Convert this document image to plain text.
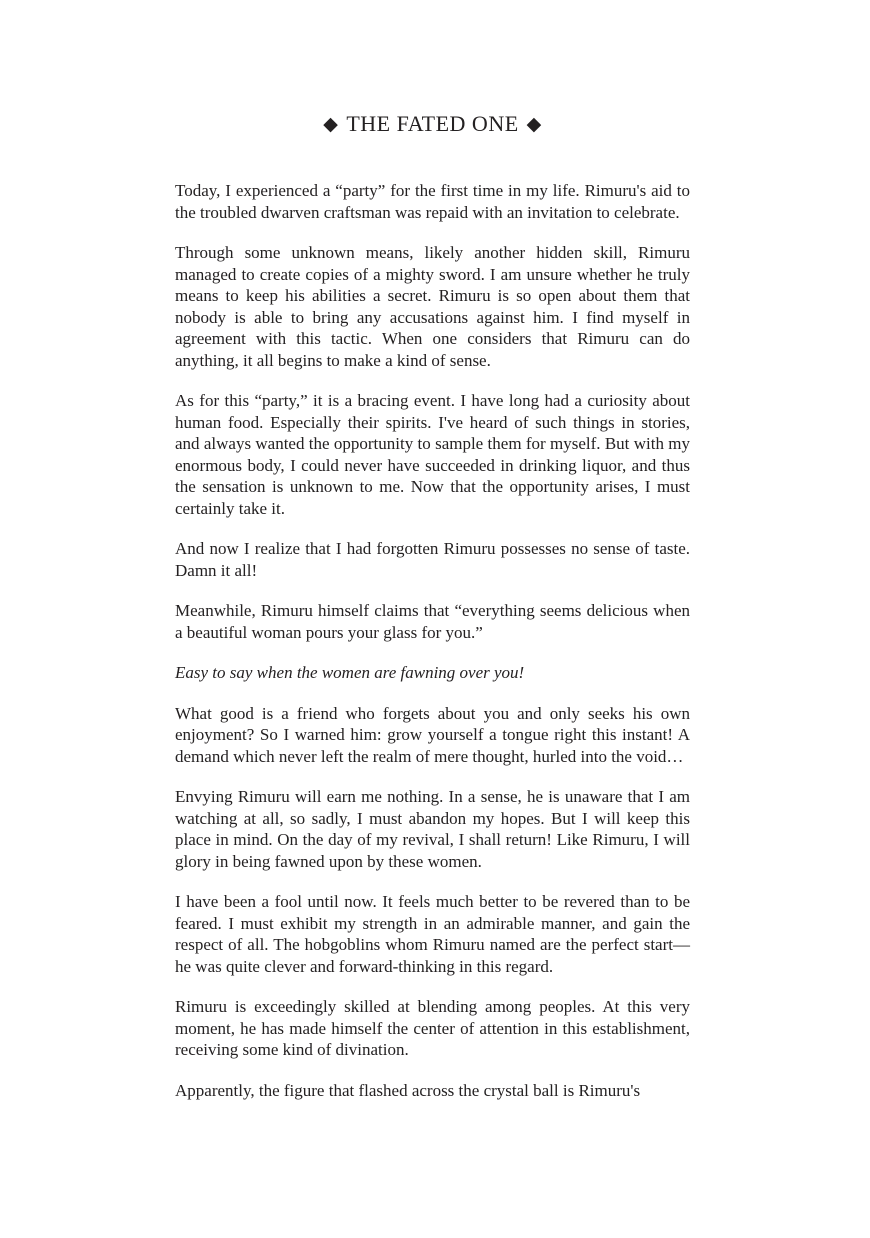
◆ THE FATED ONE ◆

Today, I experienced a “party” for the first time in my life. Rimuru's aid to the troubled dwarven craftsman was repaid with an invitation to celebrate.

Through some unknown means, likely another hidden skill, Rimuru managed to create copies of a mighty sword. I am unsure whether he truly means to keep his abilities a secret. Rimuru is so open about them that nobody is able to bring any accusations against him. I find myself in agreement with this tactic. When one considers that Rimuru can do anything, it all begins to make a kind of sense.

As for this “party,” it is a bracing event. I have long had a curiosity about human food. Especially their spirits. I've heard of such things in stories, and always wanted the opportunity to sample them for myself. But with my enormous body, I could never have succeeded in drinking liquor, and thus the sensation is unknown to me. Now that the opportunity arises, I must certainly take it.

And now I realize that I had forgotten Rimuru possesses no sense of taste. Damn it all!

Meanwhile, Rimuru himself claims that “everything seems delicious when a beautiful woman pours your glass for you.”

Easy to say when the women are fawning over you!

What good is a friend who forgets about you and only seeks his own enjoyment? So I warned him: grow yourself a tongue right this instant! A demand which never left the realm of mere thought, hurled into the void…

Envying Rimuru will earn me nothing. In a sense, he is unaware that I am watching at all, so sadly, I must abandon my hopes. But I will keep this place in mind. On the day of my revival, I shall return! Like Rimuru, I will glory in being fawned upon by these women.

I have been a fool until now. It feels much better to be revered than to be feared. I must exhibit my strength in an admirable manner, and gain the respect of all. The hobgoblins whom Rimuru named are the perfect start—he was quite clever and forward-thinking in this regard.

Rimuru is exceedingly skilled at blending among peoples. At this very moment, he has made himself the center of attention in this establishment, receiving some kind of divination.

Apparently, the figure that flashed across the crystal ball is Rimuru's
